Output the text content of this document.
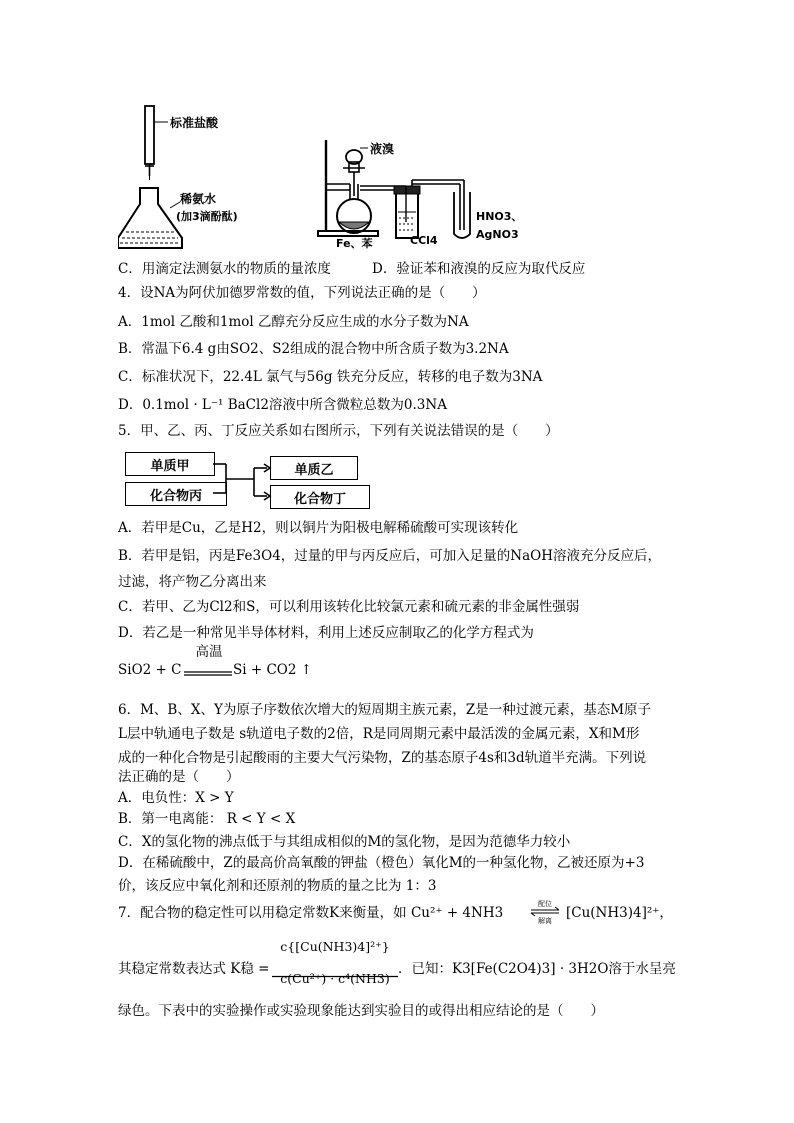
标准盐酸
稀氨水
(加3滴酚酞)
液溴
Fe、苯	CCl4
HNO3、
AgNO3
C．用滴定法测氨水的物质的量浓度	D．验证苯和液溴的反应为取代反应
4．设NA为阿伏加德罗常数的值，下列说法正确的是（　　）
A．1mol 乙酸和1mol 乙醇充分反应生成的水分子数为NA
B．常温下6.4 g由SO2、S2组成的混合物中所含质子数为3.2NA
C．标准状况下，22.4L 氯气与56g 铁充分反应，转移的电子数为3NA
D．0.1mol · L⁻¹ BaCl2溶液中所含微粒总数为0.3NA
5．甲、乙、丙、丁反应关系如右图所示，下列有关说法错误的是（　　）
单质甲
化合物丙
单质乙
化合物丁
A．若甲是Cu，乙是H2，则以铜片为阳极电解稀硫酸可实现该转化
B．若甲是铝，丙是Fe3O4，过量的甲与丙反应后，可加入足量的NaOH溶液充分反应后，
过滤，将产物乙分离出来
C．若甲、乙为Cl2和S，可以利用该转化比较氯元素和硫元素的非金属性强弱
D．若乙是一种常见半导体材料，利用上述反应制取乙的化学方程式为
SiO2 + C
高温
Si + CO2 ↑
6．M、B、X、Y为原子序数依次增大的短周期主族元素，Z是一种过渡元素，基态M原子
L层中轨通电子数是 s轨道电子数的2倍，R是同周期元素中最活泼的金属元素，X和M形
成的一种化合物是引起酸雨的主要大气污染物，Z的基态原子4s和3d轨道半充满。下列说
法正确的是（　　）
A．电负性：X > Y
B．第一电离能： R < Y < X
C．X的氢化物的沸点低于与其组成相似的M的氢化物，是因为范德华力较小
D．在稀硫酸中，Z的最高价高氧酸的钾盐（橙色）氧化M的一种氢化物，乙被还原为+3
价，该反应中氧化剂和还原剂的物质的量之比为 1：3
7．配合物的稳定性可以用稳定常数K来衡量，如 Cu²⁺ + 4NH3
配位
解离 [Cu(NH3)4]²⁺，
其稳定常数表达式 K稳 =
c{[Cu(NH3)4]²⁺}
c(Cu²⁺) · c⁴(NH3)
．已知：K3[Fe(C2O4)3] · 3H2O溶于水呈亮
绿色。下表中的实验操作或实验现象能达到实验目的或得出相应结论的是（　　）
